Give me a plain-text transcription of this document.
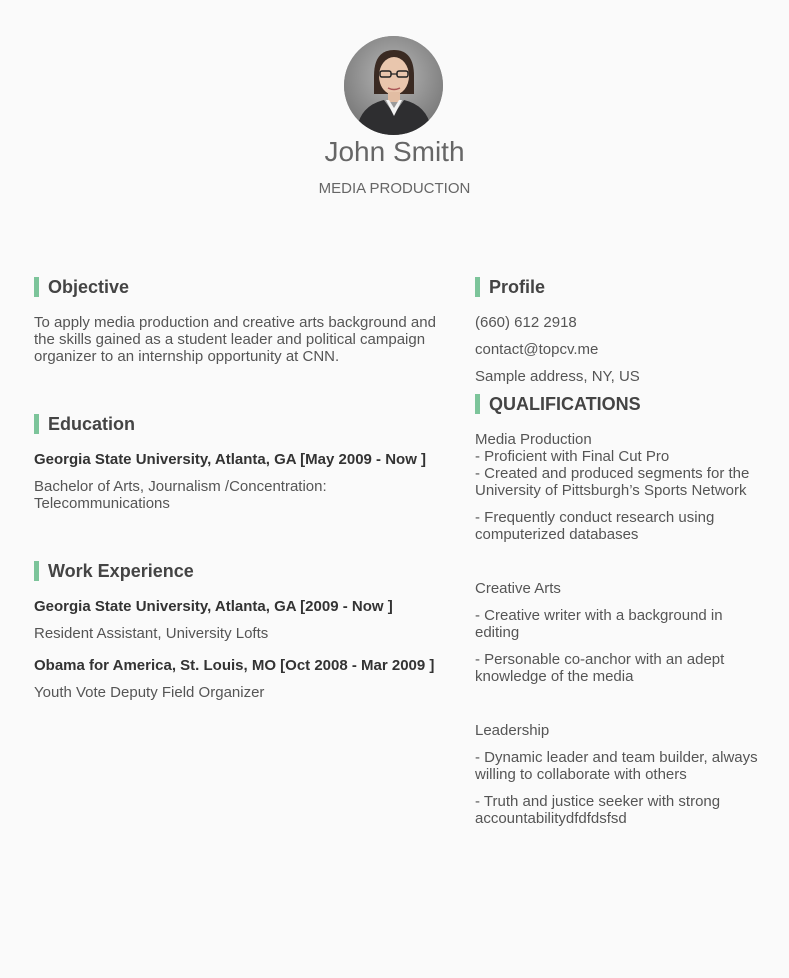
John Smith
MEDIA PRODUCTION
Objective
To apply media production and creative arts background and the skills gained as a student leader and political campaign organizer to an internship opportunity at CNN.
Education
Georgia State University, Atlanta, GA [May 2009 - Now ]
Bachelor of Arts, Journalism /Concentration: Telecommunications
Work Experience
Georgia State University, Atlanta, GA [2009 - Now ]
Resident Assistant, University Lofts
Obama for America, St. Louis, MO [Oct 2008 - Mar 2009 ]
Youth Vote Deputy Field Organizer
Profile
(660) 612 2918
contact@topcv.me
Sample address, NY, US
QUALIFICATIONS
Media Production
- Proficient with Final Cut Pro
- Created and produced segments for the University of Pittsburgh’s Sports Network
- Frequently conduct research using computerized databases
Creative Arts
- Creative writer with a background in editing
- Personable co-anchor with an adept knowledge of the media
Leadership
- Dynamic leader and team builder, always willing to collaborate with others
- Truth and justice seeker with strong accountabilitydfdfdsfsd
